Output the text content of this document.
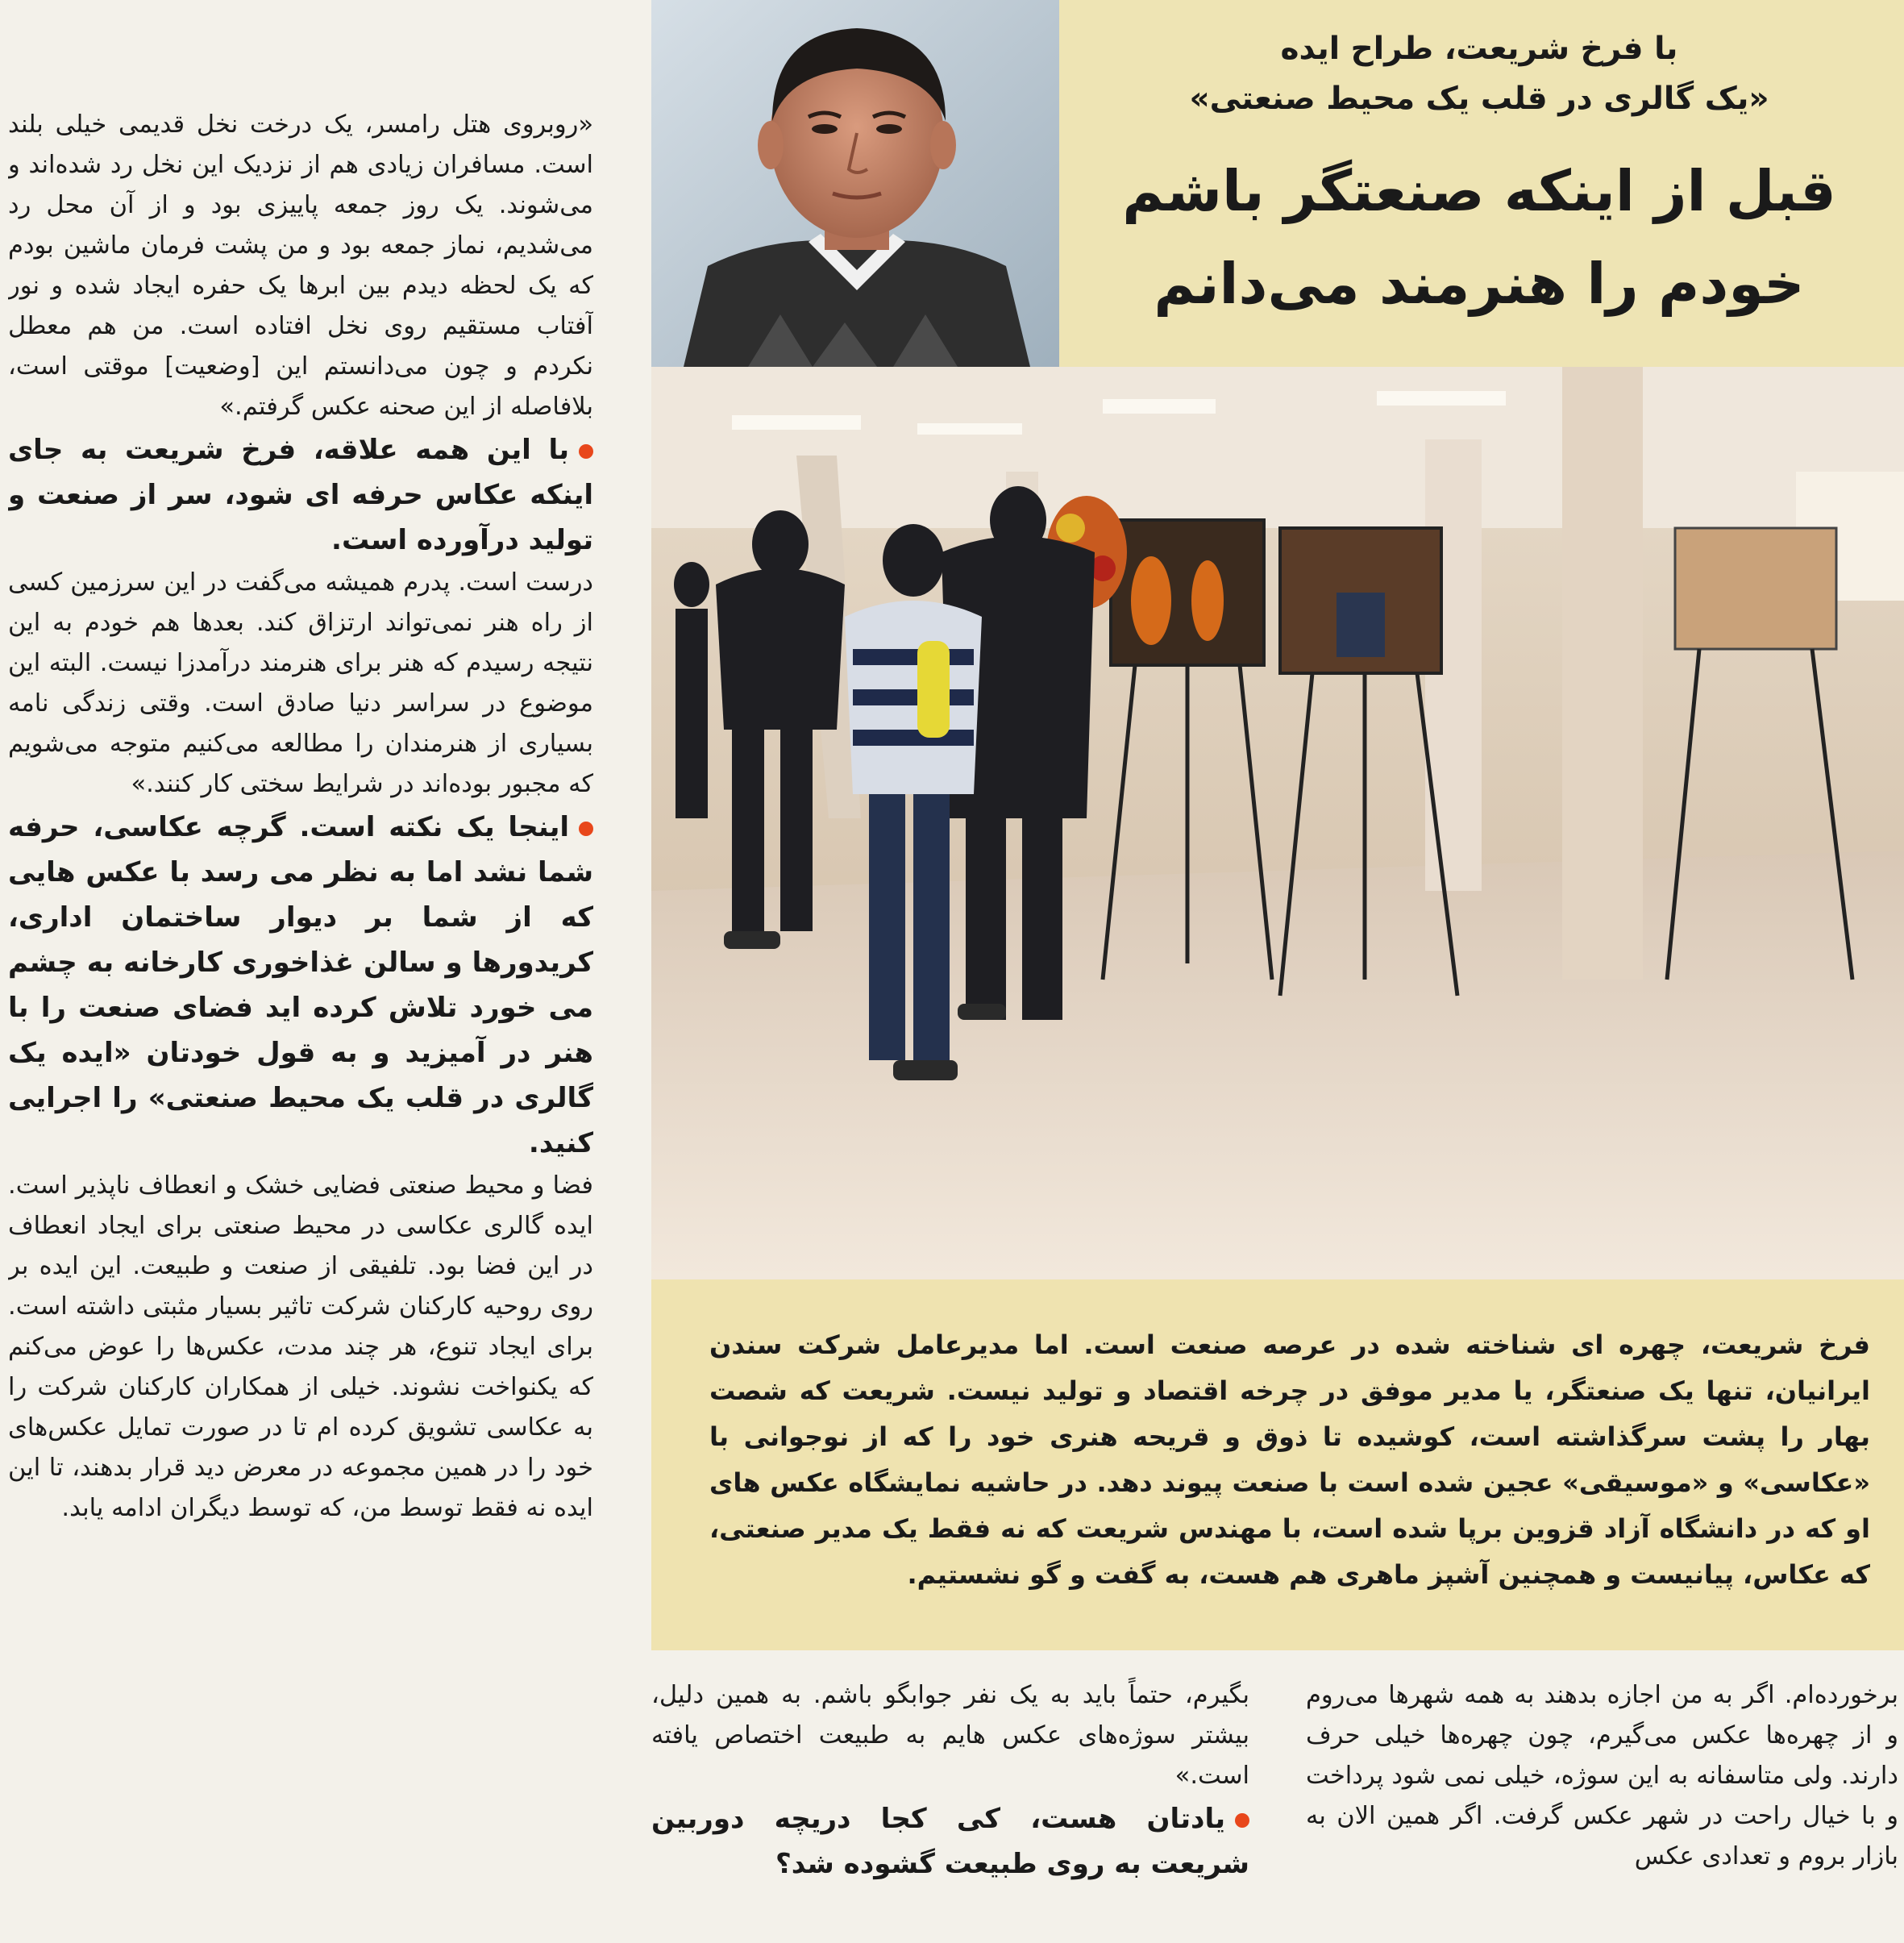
«روبروی هتل رامسر، یک درخت نخل قدیمی خیلی بلند است. مسافران زیادی هم از نزدیک این نخل رد شده‌اند و می‌شوند. یک روز جمعه پاییزی بود و از آن محل رد می‌شدیم، نماز جمعه بود و من پشت فرمان ماشین بودم که یک لحظه دیدم بین ابرها یک حفره ایجاد شده و نور آفتاب مستقیم روی نخل افتاده است. من هم معطل نکردم و چون می‌دانستم این [وضعیت] موقتی است، بلافاصله از این صحنه عکس گرفتم.»

با این همه علاقه، فرخ شریعت به جای اینکه عکاس حرفه ای شود، سر از صنعت و تولید درآورده است.

درست است. پدرم همیشه می‌گفت در این سرزمین کسی از راه هنر نمی‌تواند ارتزاق کند. بعدها هم خودم به این نتیجه رسیدم که هنر برای هنرمند درآمدزا نیست. البته این موضوع در سراسر دنیا صادق است. وقتی زندگی نامه بسیاری از هنرمندان را مطالعه می‌کنیم متوجه می‌شویم که مجبور بوده‌اند در شرایط سختی کار کنند.»

اینجا یک نکته است. گرچه عکاسی، حرفه شما نشد اما به نظر می رسد با عکس هایی که از شما بر دیوار ساختمان اداری، کریدورها و سالن غذاخوری کارخانه به چشم می خورد تلاش کرده اید فضای صنعت را با هنر در آمیزید و به قول خودتان «ایده یک گالری در قلب یک محیط صنعتی» را اجرایی کنید.

فضا و محیط صنعتی فضایی خشک و انعطاف ناپذیر است. ایده گالری عکاسی در محیط صنعتی برای ایجاد انعطاف در این فضا بود. تلفیقی از صنعت و طبیعت. این ایده بر روی روحیه کارکنان شرکت تاثیر بسیار مثبتی داشته است. برای ایجاد تنوع، هر چند مدت، عکس‌ها را عوض می‌کنم که یکنواخت نشوند. خیلی از همکاران کارکنان شرکت را به عکاسی تشویق کرده ام تا در صورت تمایل عکس‌های خود را در همین مجموعه در معرض دید قرار بدهند، تا این ایده نه فقط توسط من، که توسط دیگران ادامه یابد.

با فرخ شریعت، طراح ایده
«یک گالری در قلب یک محیط صنعتی»
قبل از اینکه صنعتگر باشم
خودم را هنرمند می‌دانم
فرخ شریعت، چهره ای شناخته شده در عرصه صنعت است. اما مدیرعامل شرکت سندن ایرانیان، تنها یک صنعتگر، یا مدیر موفق در چرخه اقتصاد و تولید نیست. شریعت که شصت بهار را پشت سرگذاشته است، کوشیده تا ذوق و قریحه هنری خود را که از نوجوانی با «عکاسی» و «موسیقی» عجین شده است با صنعت پیوند دهد. در حاشیه نمایشگاه عکس های او که در دانشگاه آزاد قزوین برپا شده است، با مهندس شریعت که نه فقط یک مدیر صنعتی، که عکاس، پیانیست و همچنین آشپز ماهری هم هست، به گفت و گو نشستیم.

بگیرم، حتماً باید به یک نفر جوابگو باشم. به همین دلیل، بیشتر سوژه‌های عکس هایم به طبیعت اختصاص یافته است.»

یادتان هست، کی کجا دریچه دوربین شریعت به روی طبیعت گشوده شد؟

برخورده‌ام. اگر به من اجازه بدهند به همه شهرها می‌روم و از چهره‌ها عکس می‌گیرم، چون چهره‌ها خیلی حرف دارند. ولی متاسفانه به این سوژه، خیلی نمی شود پرداخت و با خیال راحت در شهر عکس گرفت. اگر همین الان به بازار بروم و تعدادی عکس
